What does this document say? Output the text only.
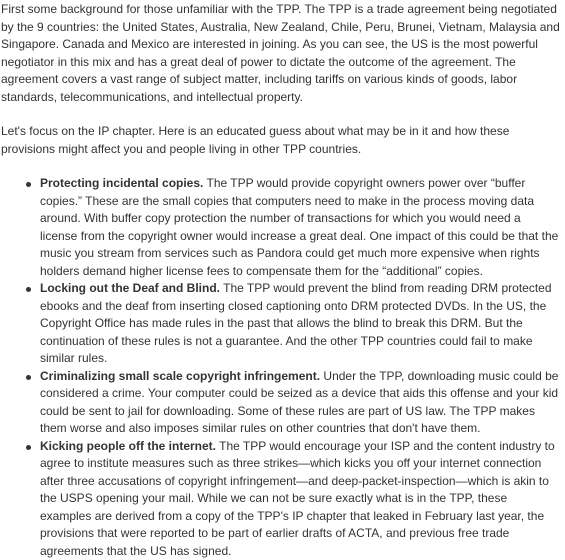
First some background for those unfamiliar with the TPP. The TPP is a trade agreement being negotiated by the 9 countries: the United States, Australia, New Zealand, Chile, Peru, Brunei, Vietnam, Malaysia and Singapore. Canada and Mexico are interested in joining. As you can see, the US is the most powerful negotiator in this mix and has a great deal of power to dictate the outcome of the agreement. The agreement covers a vast range of subject matter, including tariffs on various kinds of goods, labor standards, telecommunications, and intellectual property.

Let's focus on the IP chapter. Here is an educated guess about what may be in it and how these provisions might affect you and people living in other TPP countries.

Protecting incidental copies. The TPP would provide copyright owners power over “buffer copies.” These are the small copies that computers need to make in the process moving data around. With buffer copy protection the number of transactions for which you would need a license from the copyright owner would increase a great deal. One impact of this could be that the music you stream from services such as Pandora could get much more expensive when rights holders demand higher license fees to compensate them for the “additional” copies.
Locking out the Deaf and Blind. The TPP would prevent the blind from reading DRM protected ebooks and the deaf from inserting closed captioning onto DRM protected DVDs. In the US, the Copyright Office has made rules in the past that allows the blind to break this DRM. But the continuation of these rules is not a guarantee. And the other TPP countries could fail to make similar rules.
Criminalizing small scale copyright infringement. Under the TPP, downloading music could be considered a crime. Your computer could be seized as a device that aids this offense and your kid could be sent to jail for downloading. Some of these rules are part of US law. The TPP makes them worse and also imposes similar rules on other countries that don't have them.
Kicking people off the internet. The TPP would encourage your ISP and the content industry to agree to institute measures such as three strikes—which kicks you off your internet connection after three accusations of copyright infringement—and deep-packet-inspection—which is akin to the USPS opening your mail. While we can not be sure exactly what is in the TPP, these examples are derived from a copy of the TPP's IP chapter that leaked in February last year, the provisions that were reported to be part of earlier drafts of ACTA, and previous free trade agreements that the US has signed.
